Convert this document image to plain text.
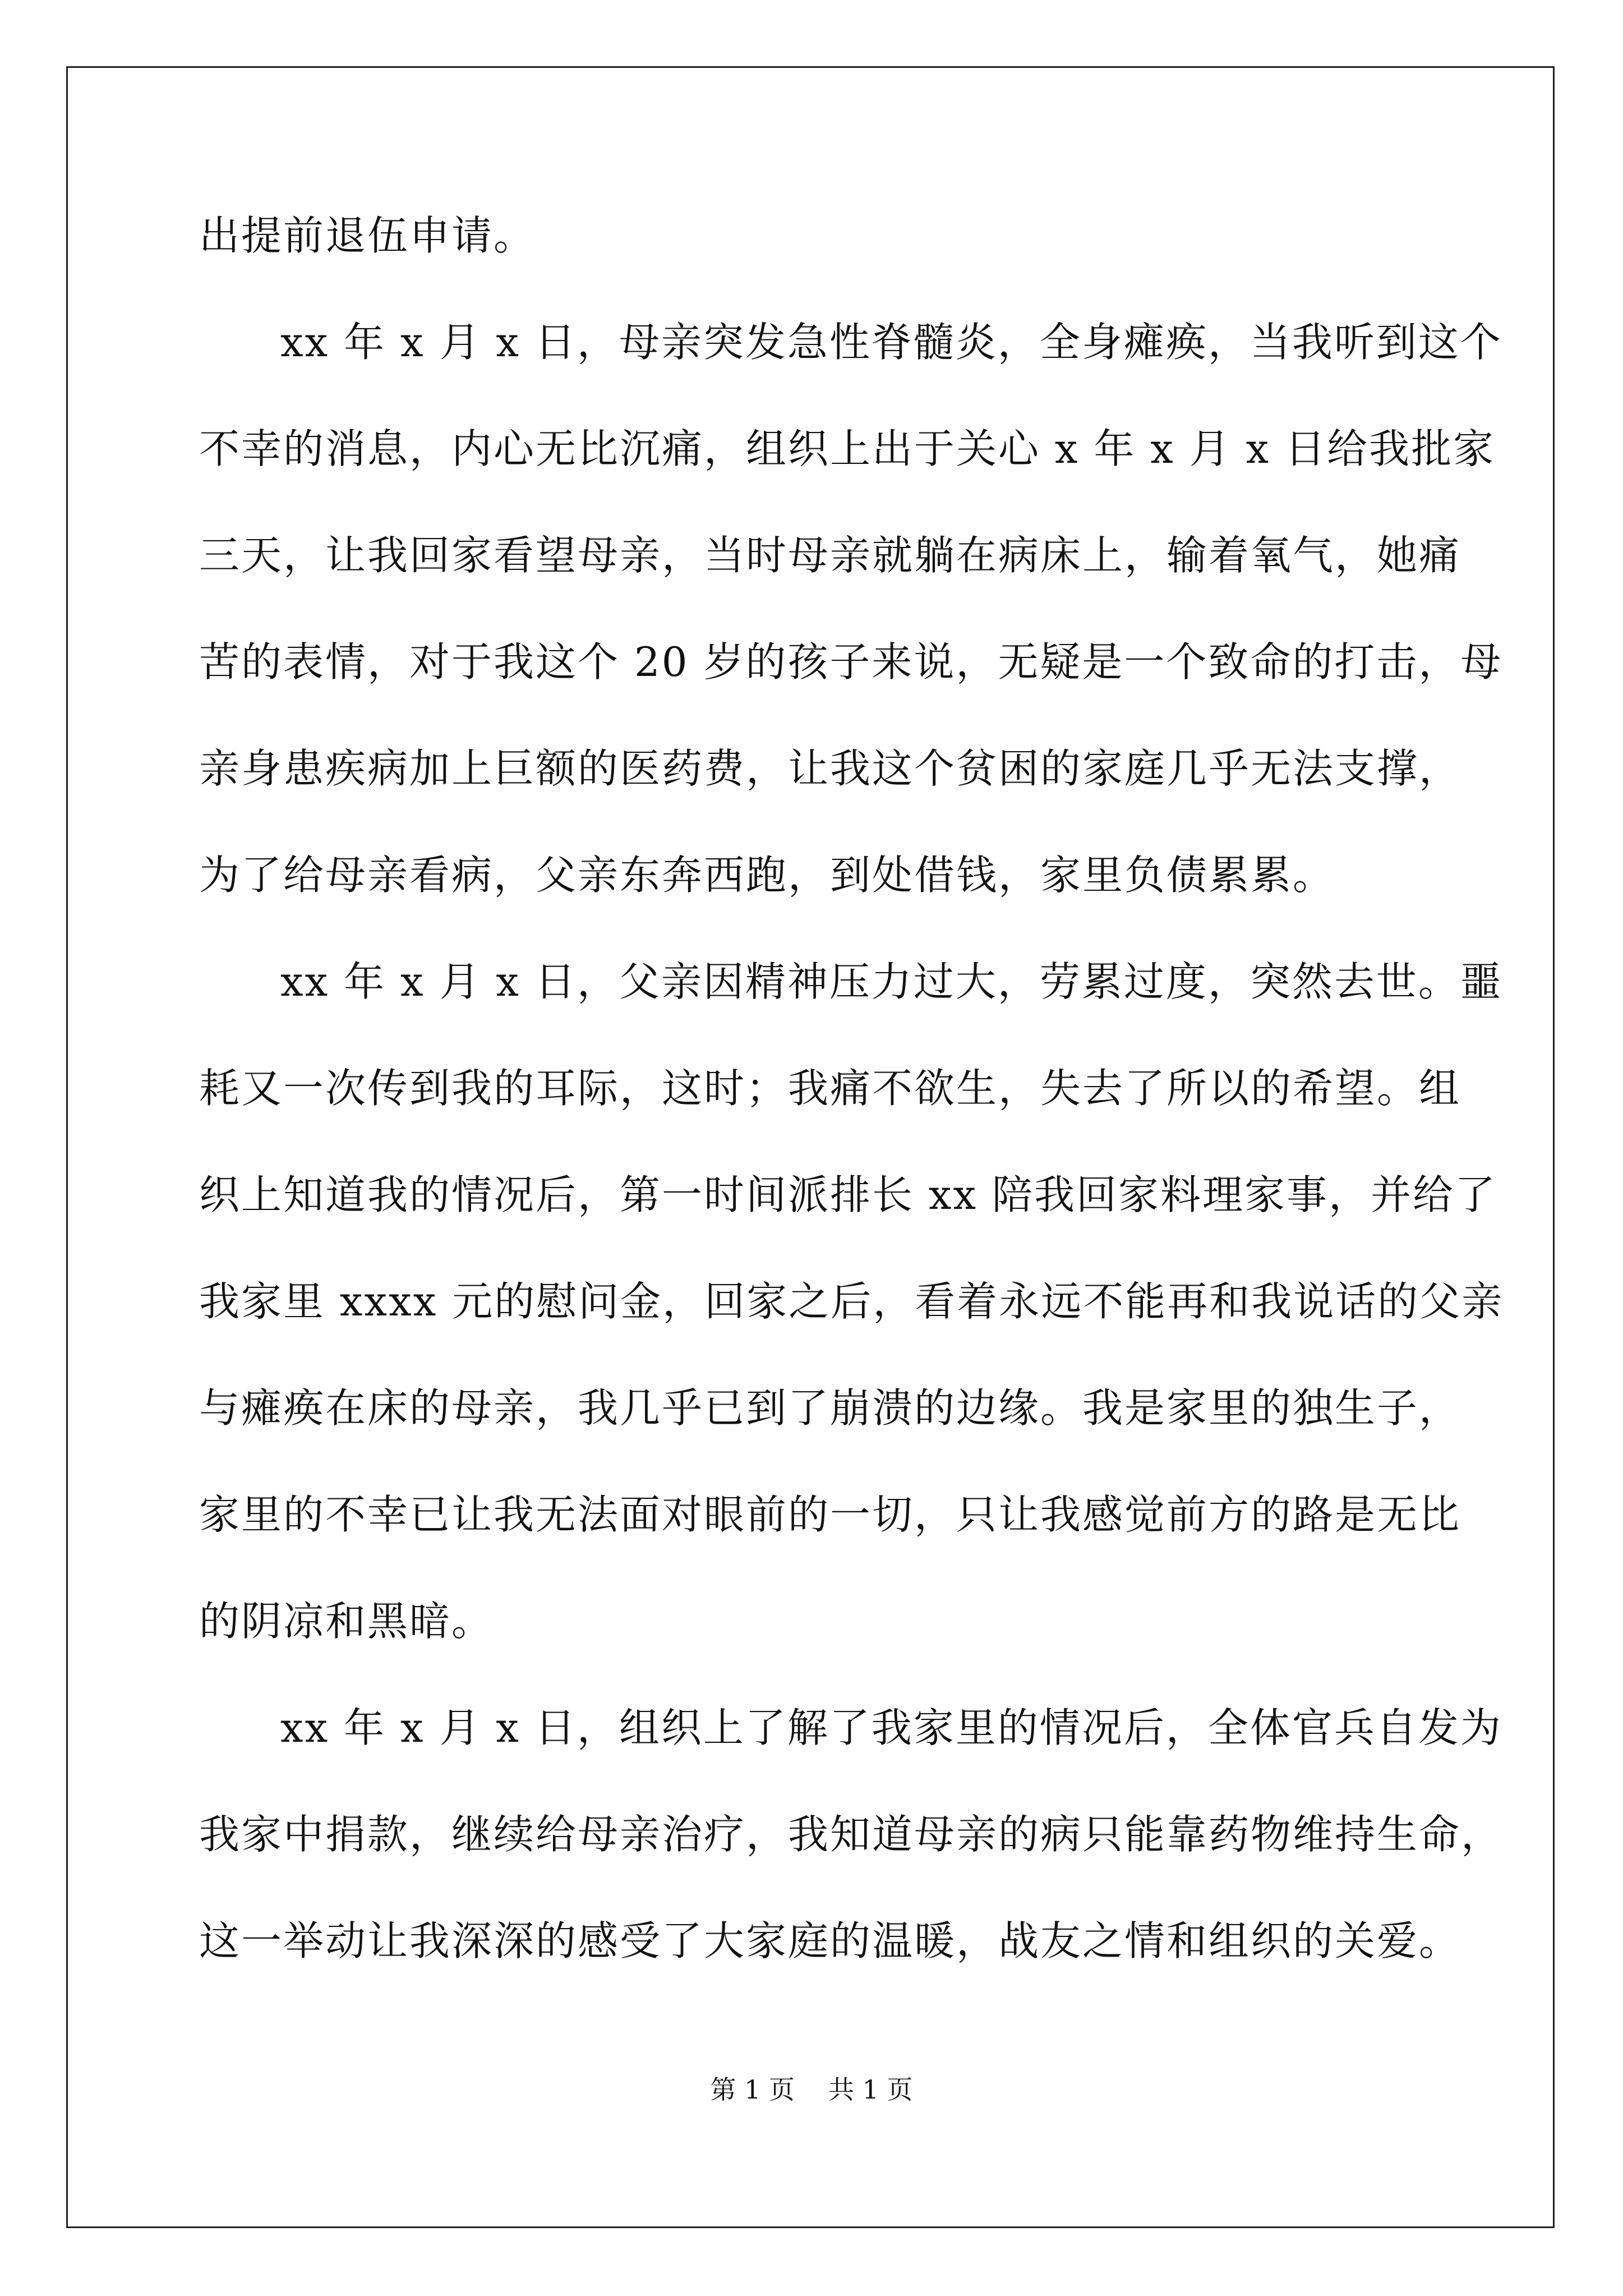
出提前退伍申请。
xx 年 x 月 x 日，母亲突发急性脊髓炎，全身瘫痪，当我听到这个
不幸的消息，内心无比沉痛，组织上出于关心 x 年 x 月 x 日给我批家
三天，让我回家看望母亲，当时母亲就躺在病床上，输着氧气，她痛
苦的表情，对于我这个 20 岁的孩子来说，无疑是一个致命的打击，母
亲身患疾病加上巨额的医药费，让我这个贫困的家庭几乎无法支撑，
为了给母亲看病，父亲东奔西跑，到处借钱，家里负债累累。
xx 年 x 月 x 日，父亲因精神压力过大，劳累过度，突然去世。噩
耗又一次传到我的耳际，这时；我痛不欲生，失去了所以的希望。组
织上知道我的情况后，第一时间派排长 xx 陪我回家料理家事，并给了
我家里 xxxx 元的慰问金，回家之后，看着永远不能再和我说话的父亲
与瘫痪在床的母亲，我几乎已到了崩溃的边缘。我是家里的独生子，
家里的不幸已让我无法面对眼前的一切，只让我感觉前方的路是无比
的阴凉和黑暗。
xx 年 x 月 x 日，组织上了解了我家里的情况后，全体官兵自发为
我家中捐款，继续给母亲治疗，我知道母亲的病只能靠药物维持生命，
这一举动让我深深的感受了大家庭的温暖，战友之情和组织的关爱。
第 1 页 共 1 页
